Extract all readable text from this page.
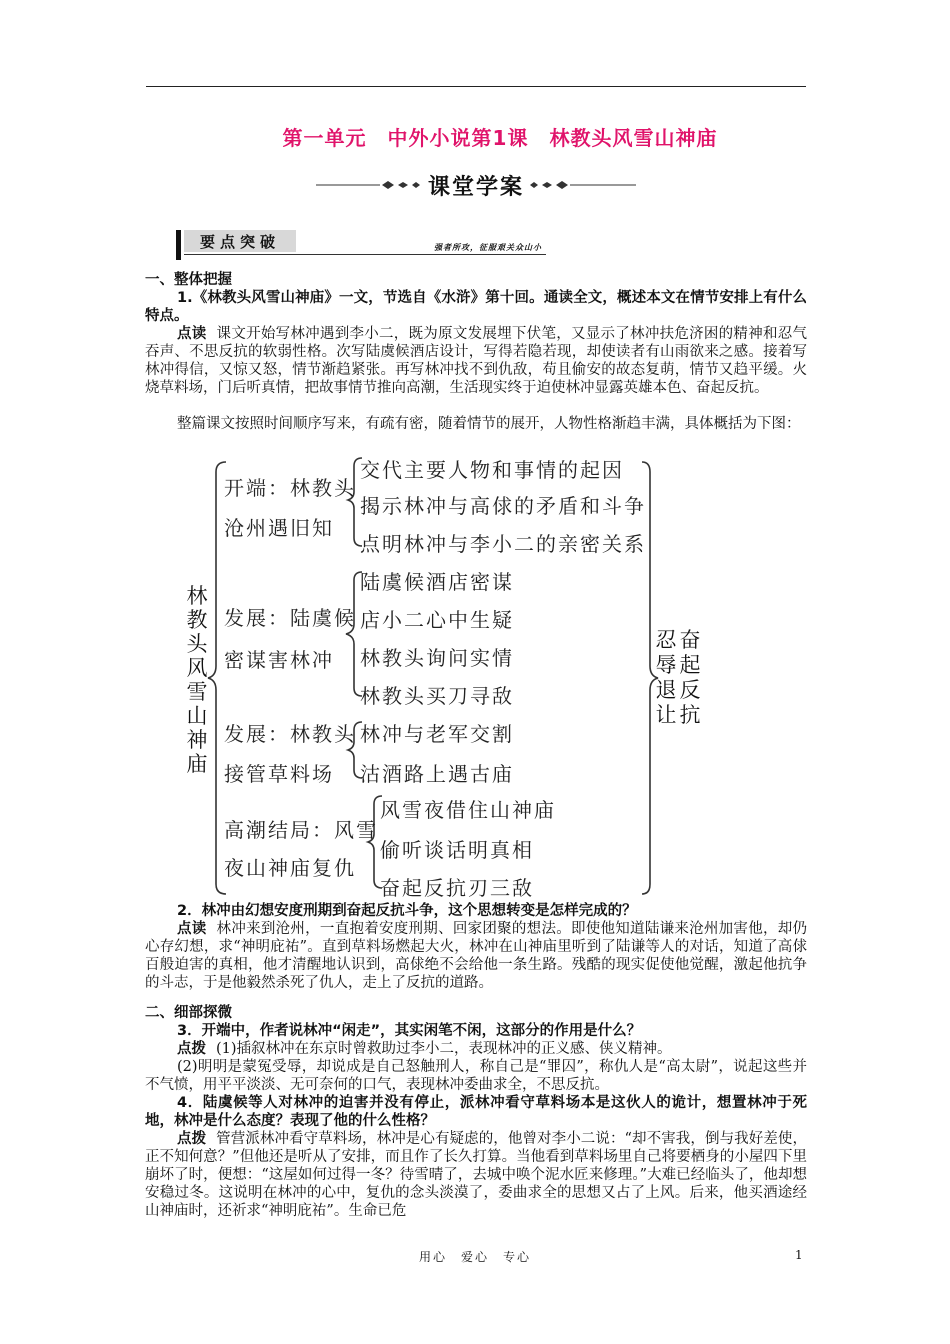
第一单元　中外小说第1课　林教头风雪山神庙
课堂学案
要点突破	强者所攻，征服艰关众山小
一、整体把握
1.《林教头风雪山神庙》一文，节选自《水浒》第十回。通读全文，概述本文在情节安排上有什么特点。
点读 课文开始写林冲遇到李小二，既为原文发展埋下伏笔，又显示了林冲扶危济困的精神和忍气吞声、不思反抗的软弱性格。次写陆虞候酒店设计，写得若隐若现，却使读者有山雨欲来之感。接着写林冲得信，又惊又怒，情节渐趋紧张。再写林冲找不到仇敌，苟且偷安的故态复萌，情节又趋平缓。火烧草料场，门后听真情，把故事情节推向高潮，生活现实终于迫使林冲显露英雄本色、奋起反抗。
整篇课文按照时间顺序写来，有疏有密，随着情节的展开，人物性格渐趋丰满，具体概括为下图：
林教头风雪山神庙
开端：林教头
沧州遇旧知
交代主要人物和事情的起因
揭示林冲与高俅的矛盾和斗争
点明林冲与李小二的亲密关系
发展：陆虞候
密谋害林冲
陆虞候酒店密谋
店小二心中生疑
林教头询问实情
林教头买刀寻敌
发展：林教头
接管草料场
林冲与老军交割
沽酒路上遇古庙
高潮结局：风雪
夜山神庙复仇
风雪夜借住山神庙
偷听谈话明真相
奋起反抗刃三敌
忍辱退让
奋起反抗
2．林冲由幻想安度刑期到奋起反抗斗争，这个思想转变是怎样完成的？
点读 林冲来到沧州，一直抱着安度刑期、回家团聚的想法。即使他知道陆谦来沧州加害他，却仍心存幻想，求“神明庇祐”。直到草料场燃起大火，林冲在山神庙里听到了陆谦等人的对话，知道了高俅百般迫害的真相，他才清醒地认识到，高俅绝不会给他一条生路。残酷的现实促使他觉醒，激起他抗争的斗志，于是他毅然杀死了仇人，走上了反抗的道路。
二、细部探微
3．开端中，作者说林冲“闲走”，其实闲笔不闲，这部分的作用是什么？
点拨 (1)插叙林冲在东京时曾救助过李小二，表现林冲的正义感、侠义精神。
(2)明明是蒙冤受辱，却说成是自己怒触刑人，称自己是“罪囚”，称仇人是“高太尉”，说起这些并不气愤，用平平淡淡、无可奈何的口气，表现林冲委曲求全，不思反抗。
4．陆虞候等人对林冲的迫害并没有停止，派林冲看守草料场本是这伙人的诡计，想置林冲于死地，林冲是什么态度？表现了他的什么性格？
点拨 管营派林冲看守草料场，林冲是心有疑虑的，他曾对李小二说：“却不害我，倒与我好差使，正不知何意？”但他还是听从了安排，而且作了长久打算。当他看到草料场里自己将要栖身的小屋四下里崩坏了时，便想：“这屋如何过得一冬？待雪晴了，去城中唤个泥水匠来修理。”大难已经临头了，他却想安稳过冬。这说明在林冲的心中，复仇的念头淡漠了，委曲求全的思想又占了上风。后来，他买酒途经山神庙时，还祈求“神明庇祐”。生命已危
用心　爱心　专心	1
